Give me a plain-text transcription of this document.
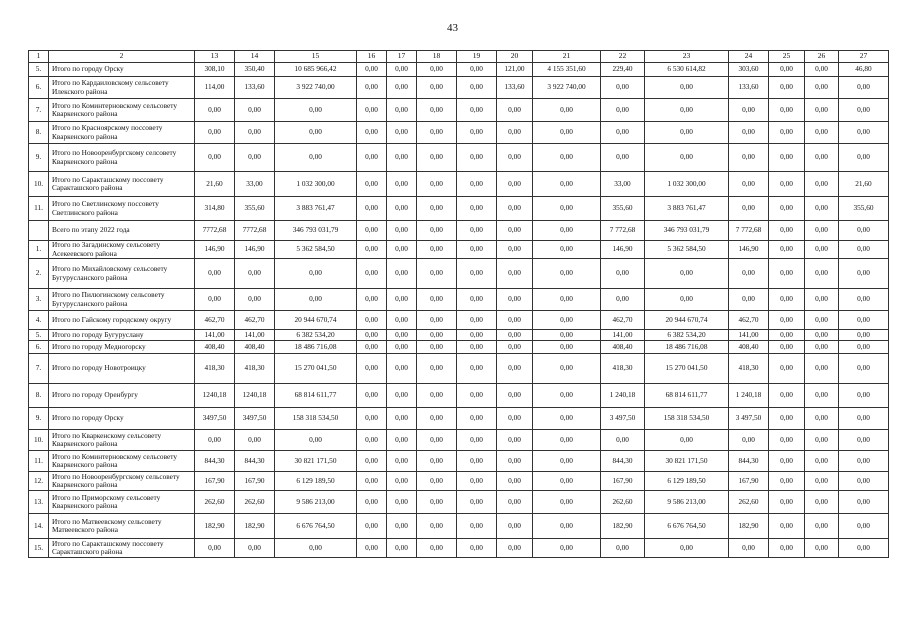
43
1	2	13	14	15	16	17	18	19	20	21	22	23	24	25	26	27
5.	Итого по городу Орску	308,10	350,40	10 685 966,42	0,00	0,00	0,00	0,00	121,00	4 155 351,60	229,40	6 530 614,82	303,60	0,00	0,00	46,80
6.	Итого по Кардаиловскому сельсовету Илекского района	114,00	133,60	3 922 740,00	0,00	0,00	0,00	0,00	133,60	3 922 740,00	0,00	0,00	133,60	0,00	0,00	0,00
7.	Итого по Коминтерновскому сельсовету Кваркенского района	0,00	0,00	0,00	0,00	0,00	0,00	0,00	0,00	0,00	0,00	0,00	0,00	0,00	0,00	0,00
8.	Итого по Красноярскому поссовету Кваркенского района	0,00	0,00	0,00	0,00	0,00	0,00	0,00	0,00	0,00	0,00	0,00	0,00	0,00	0,00	0,00
9.	Итого по Новооренбургскому селсовету Кваркенского района	0,00	0,00	0,00	0,00	0,00	0,00	0,00	0,00	0,00	0,00	0,00	0,00	0,00	0,00	0,00
10.	Итого по Саракташскому поссовету Саракташского района	21,60	33,00	1 032 300,00	0,00	0,00	0,00	0,00	0,00	0,00	33,00	1 032 300,00	0,00	0,00	0,00	21,60
11.	Итого по Светлинскому поссовету Светлинского района	314,80	355,60	3 883 761,47	0,00	0,00	0,00	0,00	0,00	0,00	355,60	3 883 761,47	0,00	0,00	0,00	355,60
	Всего по этапу 2022 года	7772,68	7772,68	346 793 031,79	0,00	0,00	0,00	0,00	0,00	0,00	7 772,68	346 793 031,79	7 772,68	0,00	0,00	0,00
1.	Итого по Загадинскому сельсовету Асекеевского района	146,90	146,90	5 362 584,50	0,00	0,00	0,00	0,00	0,00	0,00	146,90	5 362 584,50	146,90	0,00	0,00	0,00
2.	Итого по Михайловскому сельсовету Бугурусланского района	0,00	0,00	0,00	0,00	0,00	0,00	0,00	0,00	0,00	0,00	0,00	0,00	0,00	0,00	0,00
3.	Итого по Пилюгинскому сельсовету Бугурусланского района	0,00	0,00	0,00	0,00	0,00	0,00	0,00	0,00	0,00	0,00	0,00	0,00	0,00	0,00	0,00
4.	Итого по Гайскому городскому округу	462,70	462,70	20 944 670,74	0,00	0,00	0,00	0,00	0,00	0,00	462,70	20 944 670,74	462,70	0,00	0,00	0,00
5.	Итого по городу Бугуруслану	141,00	141,00	6 382 534,20	0,00	0,00	0,00	0,00	0,00	0,00	141,00	6 382 534,20	141,00	0,00	0,00	0,00
6.	Итого по городу Медногорску	408,40	408,40	18 486 716,08	0,00	0,00	0,00	0,00	0,00	0,00	408,40	18 486 716,08	408,40	0,00	0,00	0,00
7.	Итого по городу Новотроицку	418,30	418,30	15 270 041,50	0,00	0,00	0,00	0,00	0,00	0,00	418,30	15 270 041,50	418,30	0,00	0,00	0,00
8.	Итого по городу Оренбургу	1240,18	1240,18	68 814 611,77	0,00	0,00	0,00	0,00	0,00	0,00	1 240,18	68 814 611,77	1 240,18	0,00	0,00	0,00
9.	Итого по городу Орску	3497,50	3497,50	158 318 534,50	0,00	0,00	0,00	0,00	0,00	0,00	3 497,50	158 318 534,50	3 497,50	0,00	0,00	0,00
10.	Итого по Кваркенскому сельсовету Кваркенского района	0,00	0,00	0,00	0,00	0,00	0,00	0,00	0,00	0,00	0,00	0,00	0,00	0,00	0,00	0,00
11.	Итого по Коминтерновскому сельсовету Кваркенского района	844,30	844,30	30 821 171,50	0,00	0,00	0,00	0,00	0,00	0,00	844,30	30 821 171,50	844,30	0,00	0,00	0,00
12.	Итого по Новооренбургскому сельсовету Кваркенского района	167,90	167,90	6 129 189,50	0,00	0,00	0,00	0,00	0,00	0,00	167,90	6 129 189,50	167,90	0,00	0,00	0,00
13.	Итого по Приморскому сельсовету Кваркенского района	262,60	262,60	9 586 213,00	0,00	0,00	0,00	0,00	0,00	0,00	262,60	9 586 213,00	262,60	0,00	0,00	0,00
14.	Итого по Матвеевскому сельсовету Матвеевского района	182,90	182,90	6 676 764,50	0,00	0,00	0,00	0,00	0,00	0,00	182,90	6 676 764,50	182,90	0,00	0,00	0,00
15.	Итого по Саракташскому поссовету Саракташского района	0,00	0,00	0,00	0,00	0,00	0,00	0,00	0,00	0,00	0,00	0,00	0,00	0,00	0,00	0,00
